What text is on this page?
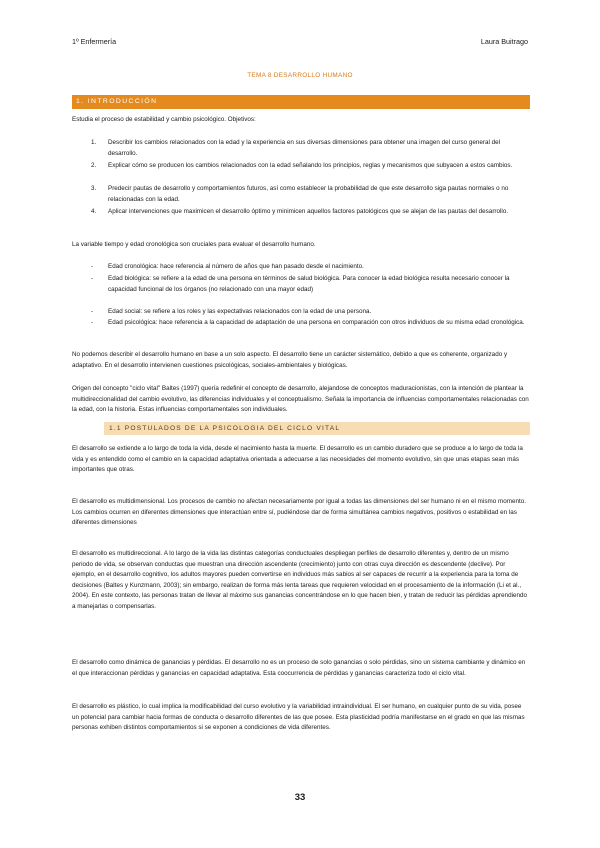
1º Enfermería	Laura Buitrago
TEMA 8 DESARROLLO HUMANO
1. INTRODUCCIÓN
Estudia el proceso de estabilidad y cambio psicológico. Objetivos:
1.	Describir los cambios relacionados con la edad y la experiencia en sus diversas dimensiones para obtener una imagen del curso general del desarrollo.
2.	Explicar cómo se producen los cambios relacionados con la edad señalando los principios, reglas y mecanismos que subyacen a estos cambios.
3.	Predecir pautas de desarrollo y comportamientos futuros, así como establecer la probabilidad de que este desarrollo siga pautas normales o no relacionadas con la edad.
4.	Aplicar intervenciones que maximicen el desarrollo óptimo y minimicen aquellos factores patológicos que se alejan de las pautas del desarrollo.
La variable tiempo y edad cronológica son cruciales para evaluar el desarrollo humano.
- Edad cronológica: hace referencia al número de años que han pasado desde el nacimiento.
- Edad biológica: se refiere a la edad de una persona en términos de salud biológica. Para conocer la edad biológica resulta necesario conocer la capacidad funcional de los órganos (no relacionado con una mayor edad)
- Edad social: se refiere a los roles y las expectativas relacionados con la edad de una persona.
- Edad psicológica: hace referencia a la capacidad de adaptación de una persona en comparación con otros individuos de su misma edad cronológica.
No podemos describir el desarrollo humano en base a un solo aspecto. El desarrollo tiene un carácter sistemático, debido a que es coherente, organizado y adaptativo. En el desarrollo intervienen cuestiones psicológicas, sociales-ambientales y biológicas.
Origen del concepto "ciclo vital" Baltes (1997) quería redefinir el concepto de desarrollo, alejandose de conceptos maduracionistas, con la intención de plantear la multidireccionalidad del cambio evolutivo, las diferencias individuales y el conceptualismo. Señala la importancia de influencias comportamentales relacionadas con la edad, con la historia. Estas influencias comportamentales son individuales.
1.1 POSTULADOS DE LA PSICOLOGIA DEL CICLO VITAL
El desarrollo se extiende a lo largo de toda la vida, desde el nacimiento hasta la muerte. El desarrollo es un cambio duradero que se produce a lo largo de toda la vida y es entendido como el cambio en la capacidad adaptativa orientada a adecuarse a las necesidades del momento evolutivo, sin que unas etapas sean más importantes que otras.
El desarrollo es multidimensional. Los procesos de cambio no afectan necesariamente por igual a todas las dimensiones del ser humano ni en el mismo momento. Los cambios ocurren en diferentes dimensiones que interactúan entre sí, pudiéndose dar de forma simultánea cambios negativos, positivos o estabilidad en las diferentes dimensiones
El desarrollo es multidireccional. A lo largo de la vida las distintas categorías conductuales despliegan perfiles de desarrollo diferentes y, dentro de un mismo periodo de vida, se observan conductas que muestran una dirección ascendente (crecimiento) junto con otras cuya dirección es descendente (declive). Por ejemplo, en el desarrollo cognitivo, los adultos mayores pueden convertirse en individuos más sabios al ser capaces de recurrir a la experiencia para la toma de decisiones (Baltes y Kunzmann, 2003); sin embargo, realizan de forma más lenta tareas que requieren velocidad en el procesamiento de la información (Li et al., 2004). En este contexto, las personas tratan de llevar al máximo sus ganancias concentrándose en lo que hacen bien, y tratan de reducir las pérdidas aprendiendo a manejarlas o compensarlas.
El desarrollo como dinámica de ganancias y pérdidas. El desarrollo no es un proceso de solo ganancias o solo pérdidas, sino un sistema cambiante y dinámico en el que interaccionan pérdidas y ganancias en capacidad adaptativa. Esta coocurrencia de pérdidas y ganancias caracteriza todo el ciclo vital.
El desarrollo es plástico, lo cual implica la modificabilidad del curso evolutivo y la variabilidad intraindividual. El ser humano, en cualquier punto de su vida, posee un potencial para cambiar hacia formas de conducta o desarrollo diferentes de las que posee. Esta plasticidad podría manifestarse en el grado en que las mismas personas exhiben distintos comportamientos si se exponen a condiciones de vida diferentes.
33
